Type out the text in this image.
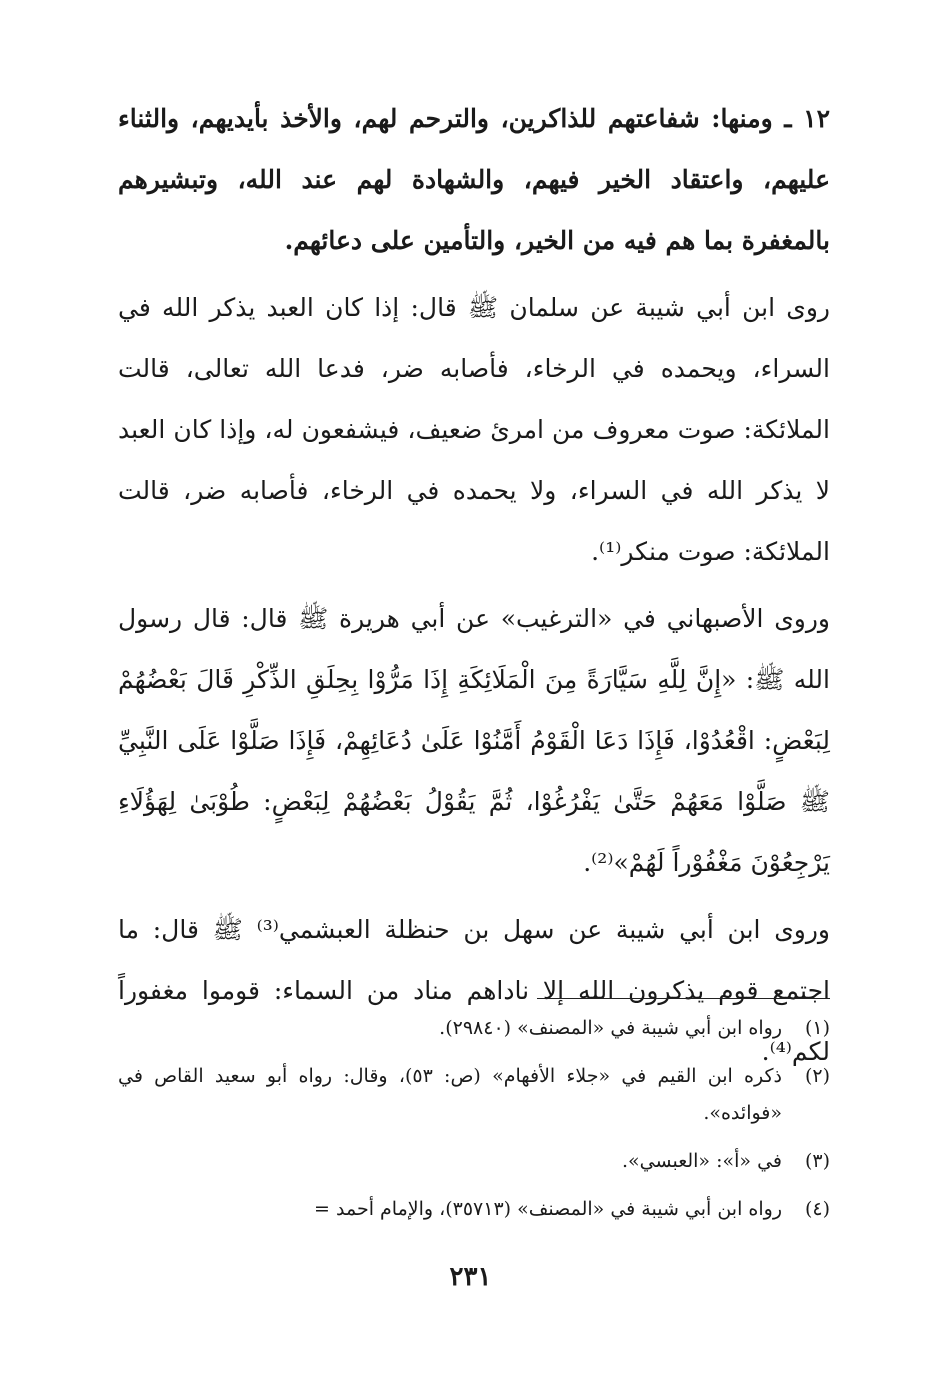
١٢ ـ ومنها: شفاعتهم للذاكرين، والترحم لهم، والأخذ بأيديهم، والثناء عليهم، واعتقاد الخير فيهم، والشهادة لهم عند الله، وتبشيرهم بالمغفرة بما هم فيه من الخير، والتأمين على دعائهم.

روى ابن أبي شيبة عن سلمان ﷺ قال: إذا كان العبد يذكر الله في السراء، ويحمده في الرخاء، فأصابه ضر، فدعا الله تعالى، قالت الملائكة: صوت معروف من امرئ ضعيف، فيشفعون له، وإذا كان العبد لا يذكر الله في السراء، ولا يحمده في الرخاء، فأصابه ضر، قالت الملائكة: صوت منكر⁽¹⁾.

وروى الأصبهاني في «الترغيب» عن أبي هريرة ﷺ قال: قال رسول الله ﷺ: «إِنَّ لِلَّهِ سَيَّارَةً مِنَ الْمَلَائِكَةِ إِذَا مَرُّوْا بِحِلَقِ الذِّكْرِ قَالَ بَعْضُهُمْ لِبَعْضٍ: اقْعُدُوْا، فَإِذَا دَعَا الْقَوْمُ أَمَّنُوْا عَلَىٰ دُعَائِهِمْ، فَإِذَا صَلَّوْا عَلَى النَّبِيِّ ﷺ صَلَّوْا مَعَهُمْ حَتَّىٰ يَفْرُغُوْا، ثُمَّ يَقُوْلُ بَعْضُهُمْ لِبَعْضٍ: طُوْبَىٰ لِهَؤُلَاءِ يَرْجِعُوْنَ مَغْفُوْراً لَهُمْ»⁽²⁾.

وروى ابن أبي شيبة عن سهل بن حنظلة العبشمي⁽³⁾ ﷺ قال: ما اجتمع قوم يذكرون الله إلا ناداهم مناد من السماء: قوموا مغفوراً لكم⁽⁴⁾.

(١)
رواه ابن أبي شيبة في «المصنف» (٢٩٨٤٠).
(٢)
ذكره ابن القيم في «جلاء الأفهام» (ص: ٥٣)، وقال: رواه أبو سعيد القاص في «فوائده».
(٣)
في «أ»: «العبسي».
(٤)
رواه ابن أبي شيبة في «المصنف» (٣٥٧١٣)، والإمام أحمد =
٢٣١
